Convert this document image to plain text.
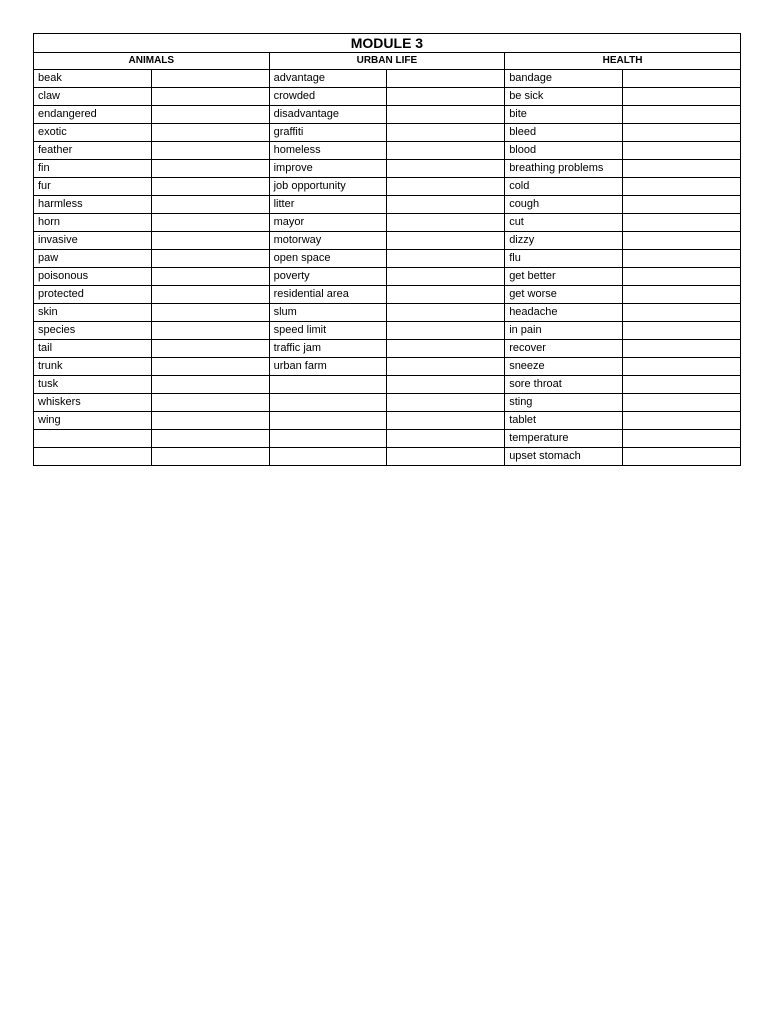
MODULE 3					
ANIMALS		URBAN LIFE		HEALTH	
beak		advantage		bandage	
claw		crowded		be sick	
endangered		disadvantage		bite	
exotic		graffiti		bleed	
feather		homeless		blood	
fin		improve		breathing problems	
fur		job opportunity		cold	
harmless		litter		cough	
horn		mayor		cut	
invasive		motorway		dizzy	
paw		open space		flu	
poisonous		poverty		get better	
protected		residential area		get worse	
skin		slum		headache	
species		speed limit		in pain	
tail		traffic jam		recover	
trunk		urban farm		sneeze	
tusk				sore throat	
whiskers				sting	
wing				tablet	
				temperature	
				upset stomach	
